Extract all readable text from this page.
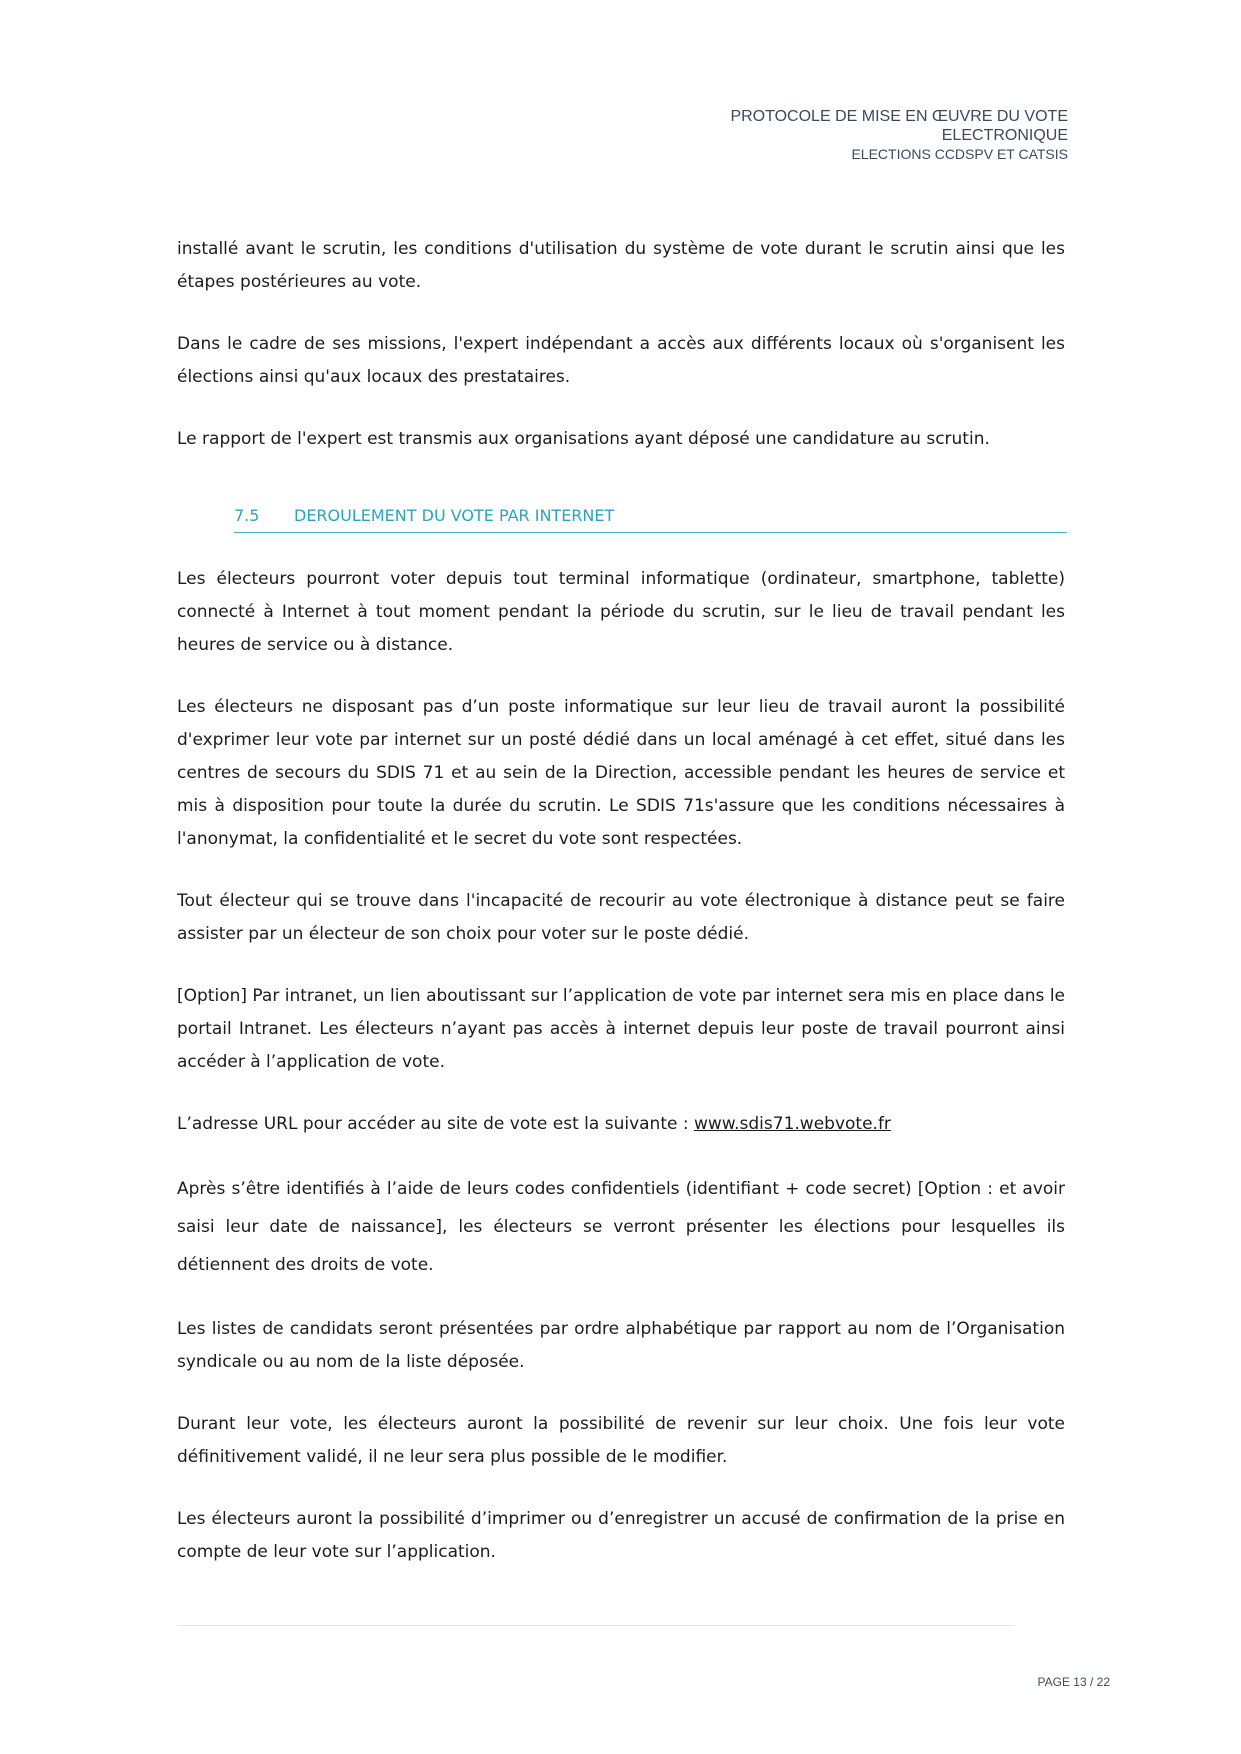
PROTOCOLE DE MISE EN ŒUVRE DU VOTE
ELECTRONIQUE
ELECTIONS CCDSPV ET CATSIS

installé avant le scrutin, les conditions d'utilisation du système de vote durant le scrutin ainsi que les étapes postérieures au vote.

Dans le cadre de ses missions, l'expert indépendant a accès aux différents locaux où s'organisent les élections ainsi qu'aux locaux des prestataires.

Le rapport de l'expert est transmis aux organisations ayant déposé une candidature au scrutin.

7.5	DEROULEMENT DU VOTE PAR INTERNET

Les électeurs pourront voter depuis tout terminal informatique (ordinateur, smartphone, tablette) connecté à Internet à tout moment pendant la période du scrutin, sur le lieu de travail pendant les heures de service ou à distance.

Les électeurs ne disposant pas d’un poste informatique sur leur lieu de travail auront la possibilité d'exprimer leur vote par internet sur un posté dédié dans un local aménagé à cet effet, situé dans les centres de secours du SDIS 71 et au sein de la Direction, accessible pendant les heures de service et mis à disposition pour toute la durée du scrutin. Le SDIS 71s'assure que les conditions nécessaires à l'anonymat, la confidentialité et le secret du vote sont respectées.

Tout électeur qui se trouve dans l'incapacité de recourir au vote électronique à distance peut se faire assister par un électeur de son choix pour voter sur le poste dédié.

[Option] Par intranet, un lien aboutissant sur l’application de vote par internet sera mis en place dans le portail Intranet. Les électeurs n’ayant pas accès à internet depuis leur poste de travail pourront ainsi accéder à l’application de vote.

L’adresse URL pour accéder au site de vote est la suivante : www.sdis71.webvote.fr

Après s’être identifiés à l’aide de leurs codes confidentiels (identifiant + code secret) [Option : et avoir saisi leur date de naissance], les électeurs se verront présenter les élections pour lesquelles ils détiennent des droits de vote.

Les listes de candidats seront présentées par ordre alphabétique par rapport au nom de l’Organisation syndicale ou au nom de la liste déposée.

Durant leur vote, les électeurs auront la possibilité de revenir sur leur choix. Une fois leur vote définitivement validé, il ne leur sera plus possible de le modifier.

Les électeurs auront la possibilité d’imprimer ou d’enregistrer un accusé de confirmation de la prise en compte de leur vote sur l’application.

PAGE 13 / 22
